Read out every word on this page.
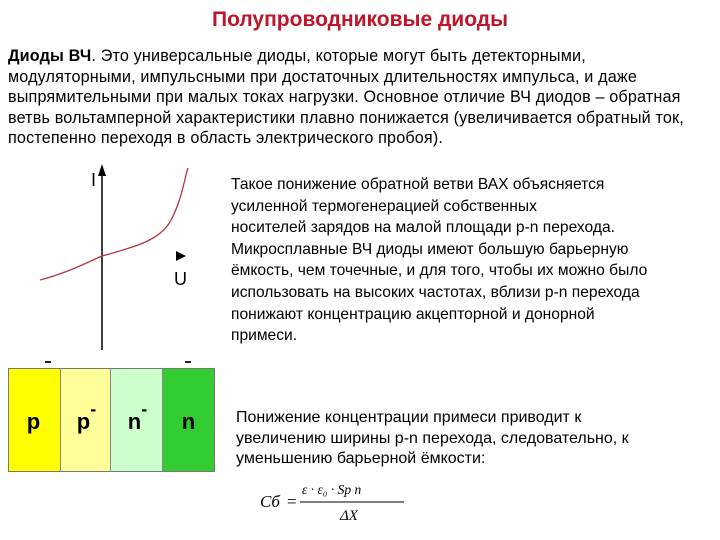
Полупроводниковые диоды
Диоды ВЧ. Это универсальные диоды, которые могут быть детекторными, модуляторными, импульсными при достаточных длительностях импульса, и даже выпрямительными при малых токах нагрузки. Основное отличие ВЧ диодов – обратная ветвь вольтамперной характеристики плавно понижается (увеличивается обратный ток, постепенно переходя в область электрического пробоя).
I
U
Такое понижение обратной ветви ВАХ объясняется
усиленной термогенерацией собственных
носителей зарядов на малой площади p-n перехода.
Микросплавные ВЧ диоды имеют большую барьерную
ёмкость, чем точечные, и для того, чтобы их можно было
использовать на высоких частотах, вблизи p-n перехода
понижают концентрацию акцепторной и донорной
примеси.
p	p -	n -	n	Понижение концентрации примеси приводит к
увеличению ширины p-n перехода, следовательно, к
уменьшению барьерной ёмкости:
Cб =
ε · ε₀ · Sp n
ΔX
